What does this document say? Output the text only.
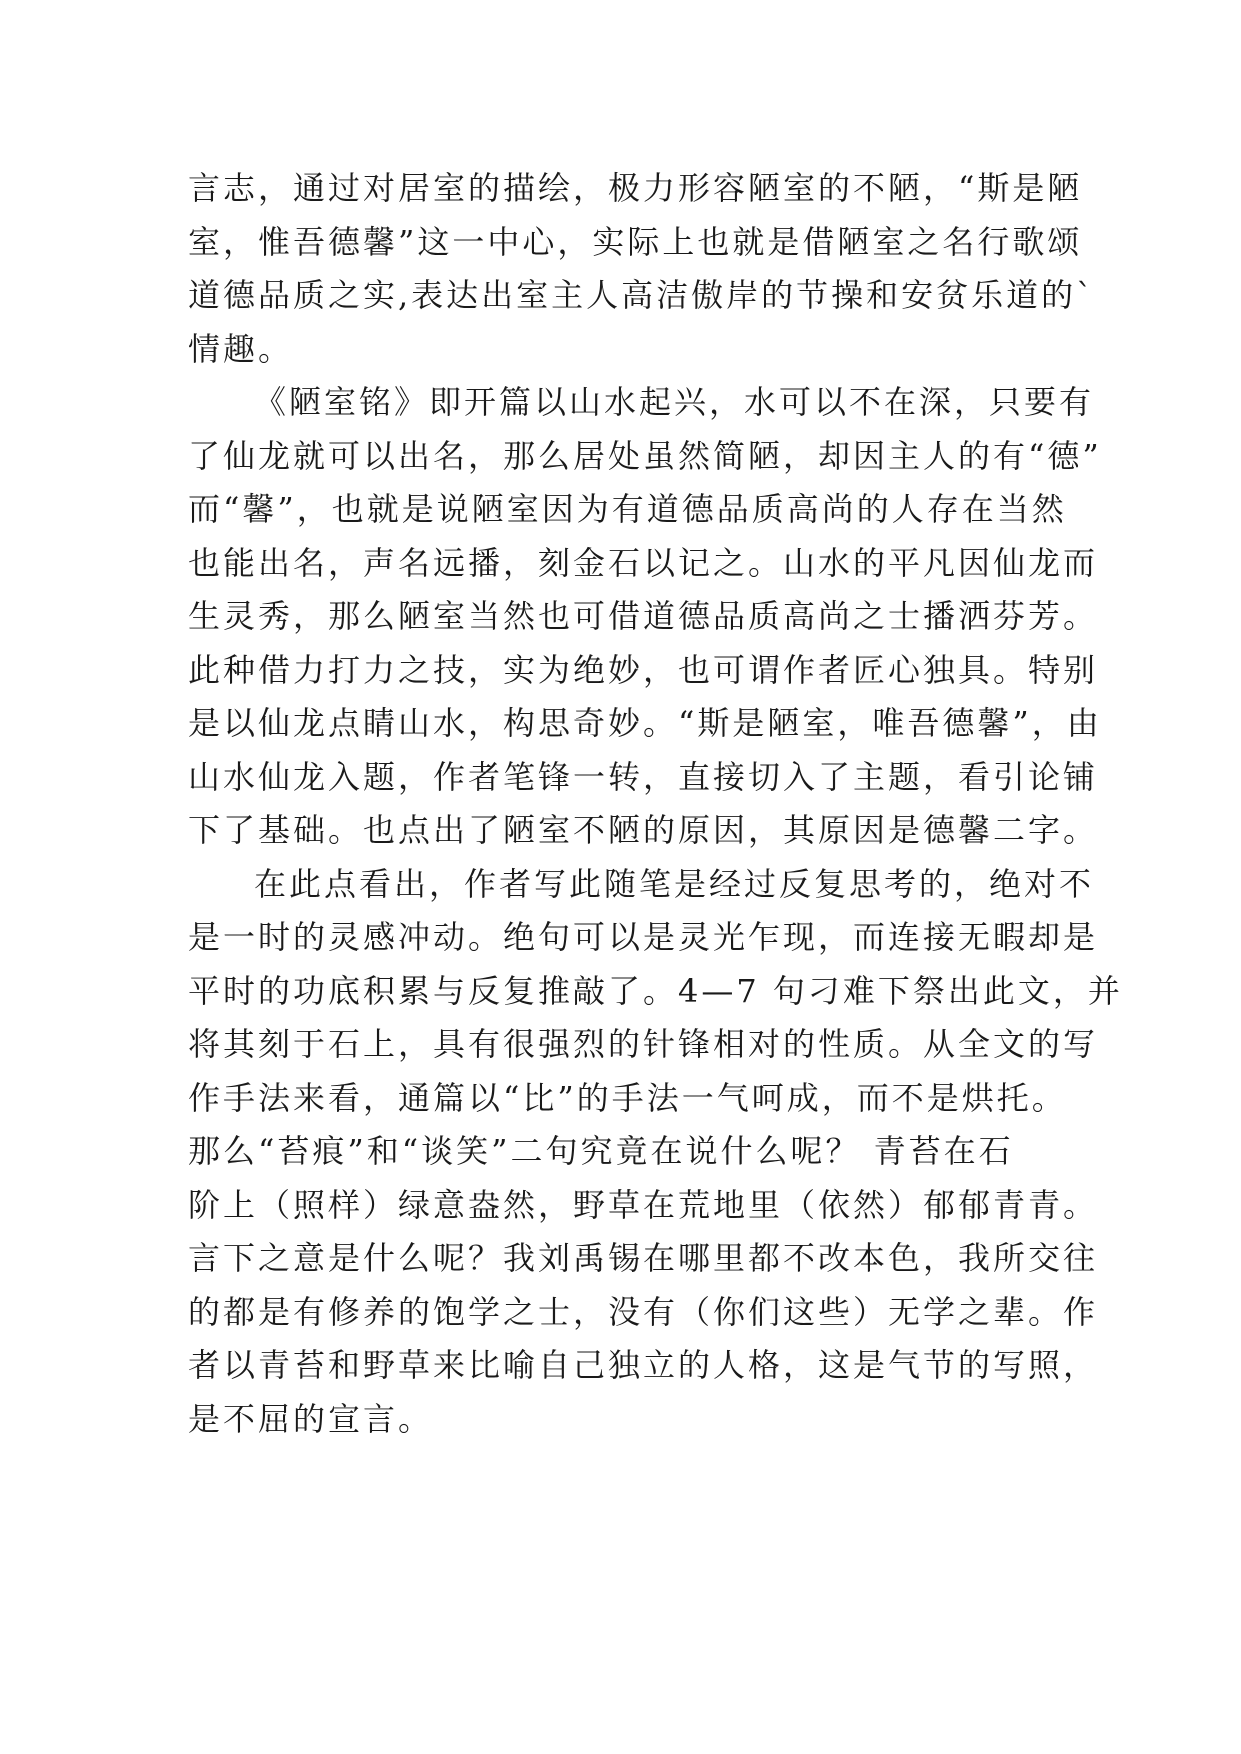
言志，通过对居室的描绘，极力形容陋室的不陋，“斯是陋
室，惟吾德馨”这一中心，实际上也就是借陋室之名行歌颂
道德品质之实,表达出室主人高洁傲岸的节操和安贫乐道的`
情趣。
《陋室铭》即开篇以山水起兴，水可以不在深，只要有
了仙龙就可以出名，那么居处虽然简陋，却因主人的有“德”
而“馨”，也就是说陋室因为有道德品质高尚的人存在当然
也能出名，声名远播，刻金石以记之。山水的平凡因仙龙而
生灵秀，那么陋室当然也可借道德品质高尚之士播洒芬芳。
此种借力打力之技，实为绝妙，也可谓作者匠心独具。特别
是以仙龙点睛山水，构思奇妙。“斯是陋室，唯吾德馨”，由
山水仙龙入题，作者笔锋一转，直接切入了主题，看引论铺
下了基础。也点出了陋室不陋的原因，其原因是德馨二字。
在此点看出，作者写此随笔是经过反复思考的，绝对不
是一时的灵感冲动。绝句可以是灵光乍现，而连接无暇却是
平时的功底积累与反复推敲了。4—7 句刁难下祭出此文，并
将其刻于石上，具有很强烈的针锋相对的性质。从全文的写
作手法来看，通篇以“比”的手法一气呵成，而不是烘托。
那么“苔痕”和“谈笑”二句究竟在说什么呢？ 青苔在石
阶上（照样）绿意盎然，野草在荒地里（依然）郁郁青青。
言下之意是什么呢？我刘禹锡在哪里都不改本色，我所交往
的都是有修养的饱学之士，没有（你们这些）无学之辈。作
者以青苔和野草来比喻自己独立的人格，这是气节的写照，
是不屈的宣言。
